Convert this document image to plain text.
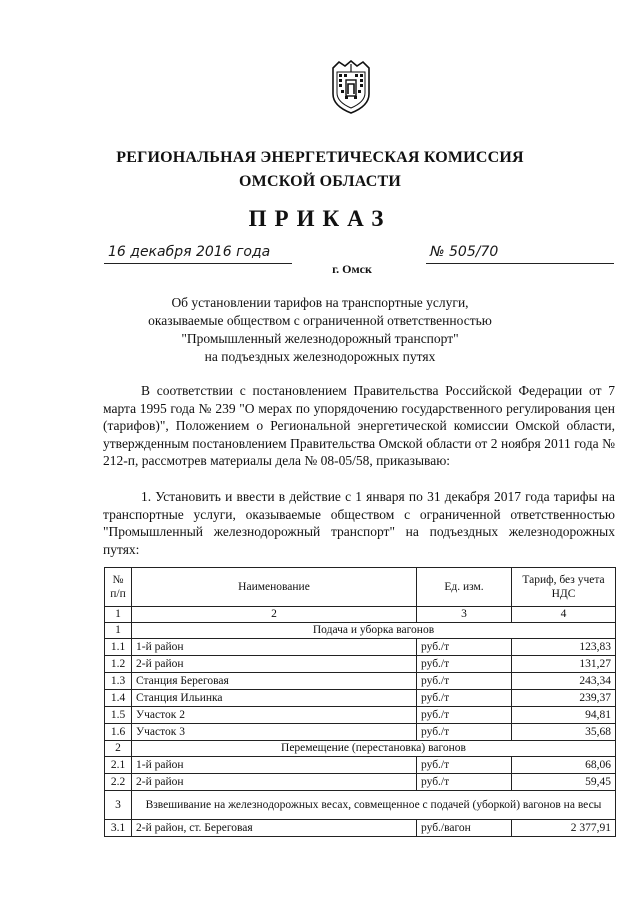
РЕГИОНАЛЬНАЯ ЭНЕРГЕТИЧЕСКАЯ КОМИССИЯ
ОМСКОЙ ОБЛАСТИ
ПРИКАЗ
16 декабря 2016 года	№ 505/70
г. Омск
Об установлении тарифов на транспортные услуги,
оказываемые обществом с ограниченной ответственностью
"Промышленный железнодорожный транспорт"
на подъездных железнодорожных путях
В соответствии с постановлением Правительства Российской Федерации от 7 марта 1995 года № 239 "О мерах по упорядочению государственного регулирования цен (тарифов)", Положением о Региональной энергетической комиссии Омской области, утвержденным постановлением Правительства Омской области от 2 ноября 2011 года № 212-п, рассмотрев материалы дела № 08-05/58, приказываю:
1. Установить и ввести в действие с 1 января по 31 декабря 2017 года тарифы на транспортные услуги, оказываемые обществом с ограниченной ответственностью "Промышленный железнодорожный транспорт" на подъездных железнодорожных путях:
№ п/п	Наименование	Ед. изм.	Тариф, без учета НДС
1	2	3	4
1	Подача и уборка вагонов		
1.1	1-й район	руб./т	123,83
1.2	2-й район	руб./т	131,27
1.3	Станция Береговая	руб./т	243,34
1.4	Станция Ильинка	руб./т	239,37
1.5	Участок 2	руб./т	94,81
1.6	Участок 3	руб./т	35,68
2	Перемещение (перестановка) вагонов		
2.1	1-й район	руб./т	68,06
2.2	2-й район	руб./т	59,45
3	Взвешивание на железнодорожных весах, совмещенное с подачей (уборкой) вагонов на весы		
3.1	2-й район, ст. Береговая	руб./вагон	2 377,91
